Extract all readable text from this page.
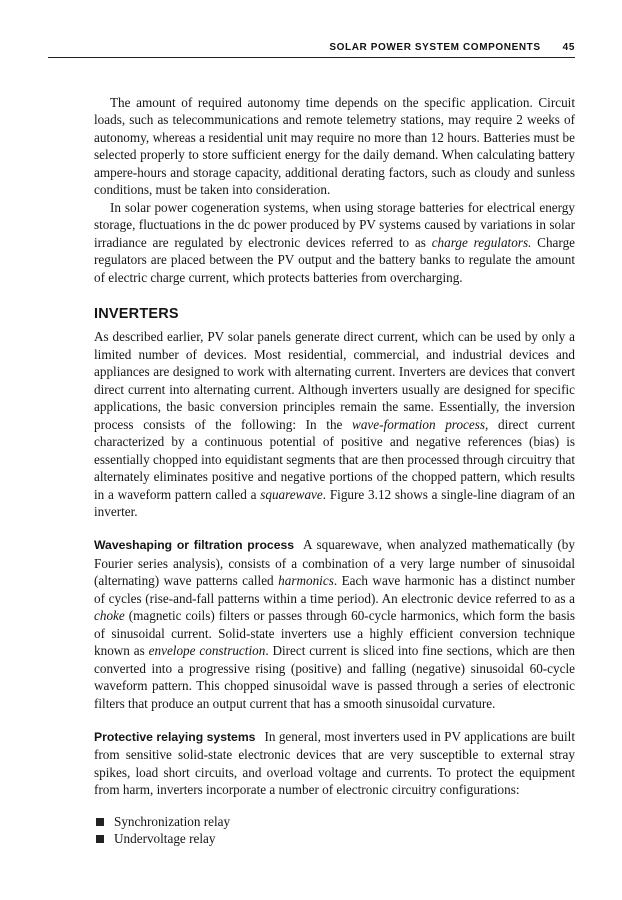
SOLAR POWER SYSTEM COMPONENTS 45

The amount of required autonomy time depends on the specific application. Circuit loads, such as telecommunications and remote telemetry stations, may require 2 weeks of autonomy, whereas a residential unit may require no more than 12 hours. Batteries must be selected properly to store sufficient energy for the daily demand. When calculating battery ampere-hours and storage capacity, additional derating factors, such as cloudy and sunless conditions, must be taken into consideration.

In solar power cogeneration systems, when using storage batteries for electrical energy storage, fluctuations in the dc power produced by PV systems caused by variations in solar irradiance are regulated by electronic devices referred to as charge regulators. Charge regulators are placed between the PV output and the battery banks to regulate the amount of electric charge current, which protects batteries from overcharging.

INVERTERS

As described earlier, PV solar panels generate direct current, which can be used by only a limited number of devices. Most residential, commercial, and industrial devices and appliances are designed to work with alternating current. Inverters are devices that convert direct current into alternating current. Although inverters usually are designed for specific applications, the basic conversion principles remain the same. Essentially, the inversion process consists of the following: In the wave-formation process, direct current characterized by a continuous potential of positive and negative references (bias) is essentially chopped into equidistant segments that are then processed through circuitry that alternately eliminates positive and negative portions of the chopped pattern, which results in a waveform pattern called a squarewave. Figure 3.12 shows a single-line diagram of an inverter.

Waveshaping or filtration process A squarewave, when analyzed mathematically (by Fourier series analysis), consists of a combination of a very large number of sinusoidal (alternating) wave patterns called harmonics. Each wave harmonic has a distinct number of cycles (rise-and-fall patterns within a time period). An electronic device referred to as a choke (magnetic coils) filters or passes through 60-cycle harmonics, which form the basis of sinusoidal current. Solid-state inverters use a highly efficient conversion technique known as envelope construction. Direct current is sliced into fine sections, which are then converted into a progressive rising (positive) and falling (negative) sinusoidal 60-cycle waveform pattern. This chopped sinusoidal wave is passed through a series of electronic filters that produce an output current that has a smooth sinusoidal curvature.

Protective relaying systems In general, most inverters used in PV applications are built from sensitive solid-state electronic devices that are very susceptible to external stray spikes, load short circuits, and overload voltage and currents. To protect the equipment from harm, inverters incorporate a number of electronic circuitry configurations:

Synchronization relay
Undervoltage relay
